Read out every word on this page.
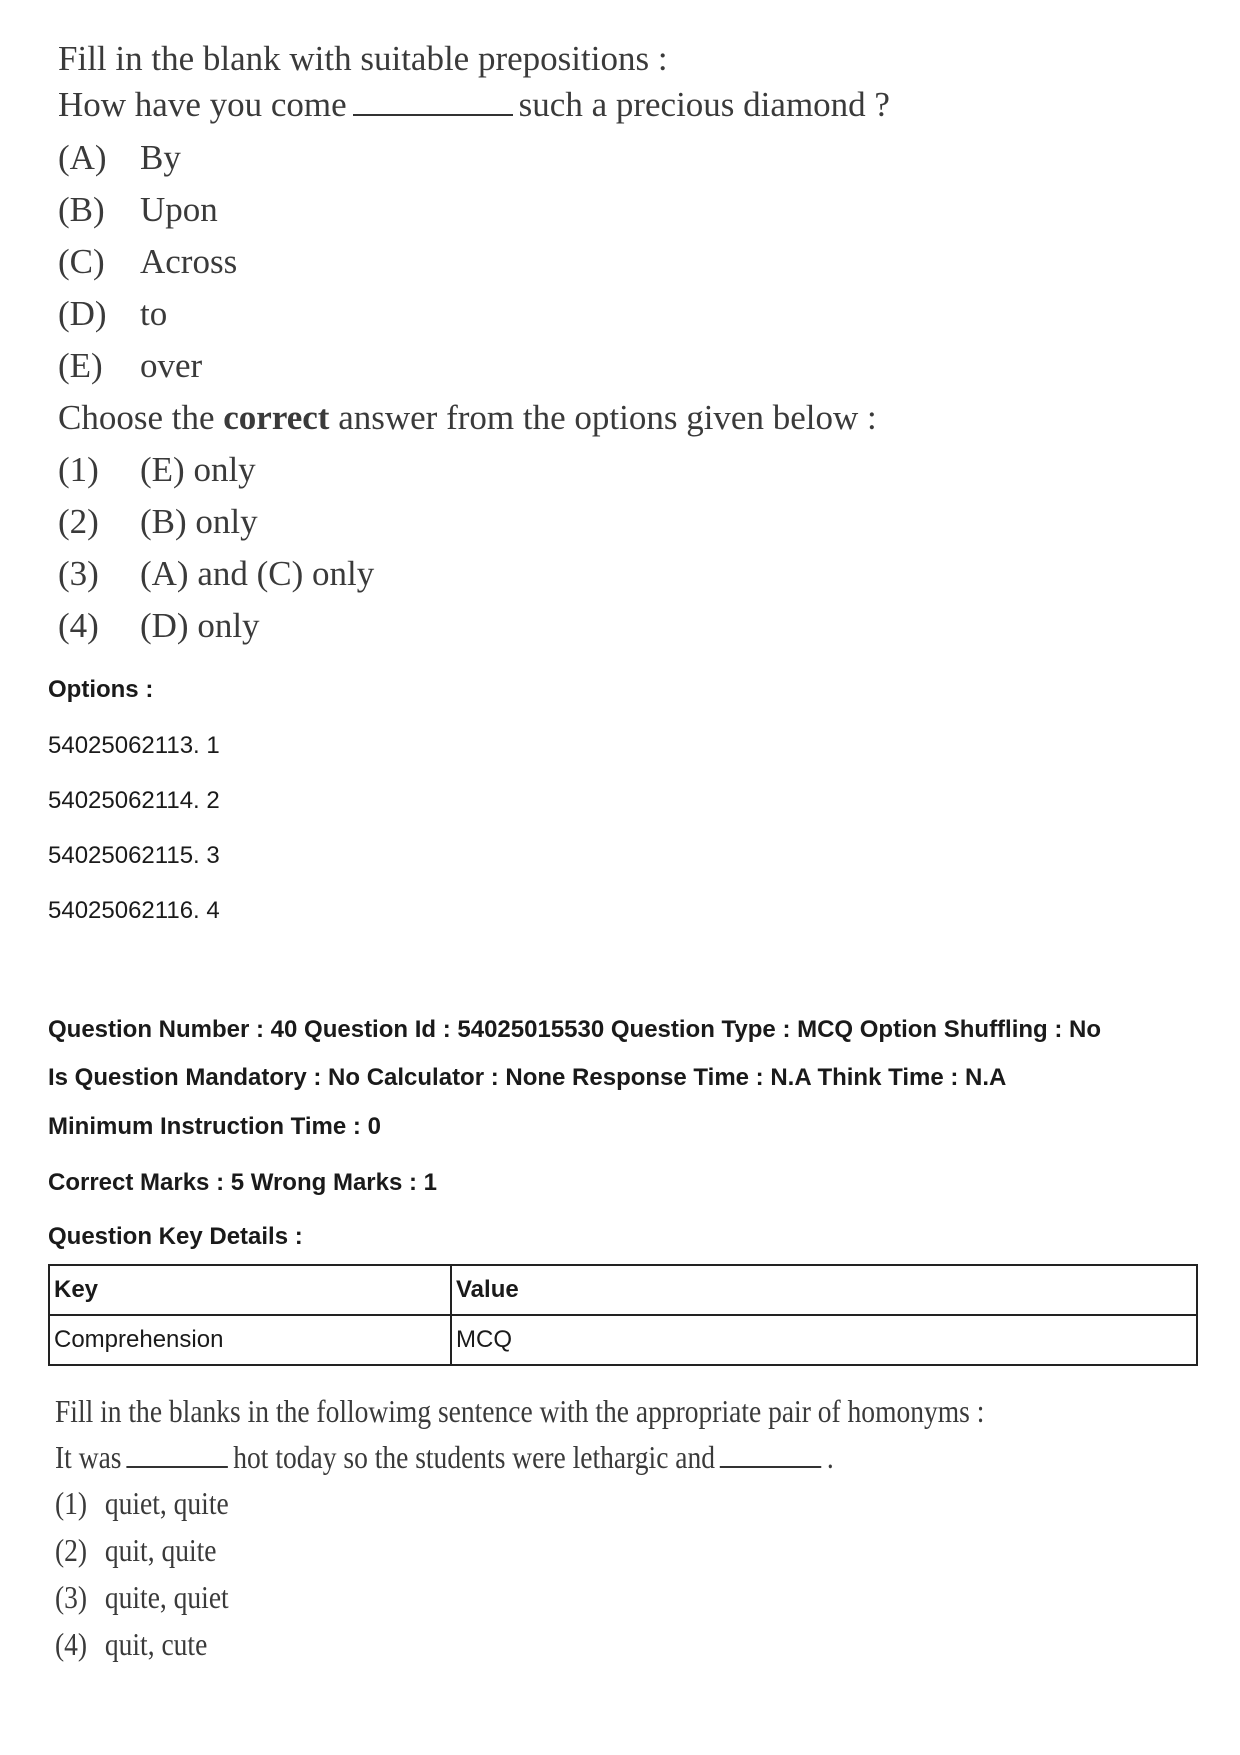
Fill in the blank with suitable prepositions :
How have you come	such a precious diamond ?
(A) By
(B)	Upon
(C)	Across
(D) to
(E)	over
Choose the correct answer from the options given below :
(1)	(E) only
(2)	(B) only
(3)	(A) and (C) only
(4)	(D) only
Options :
54025062113. 1
54025062114. 2
54025062115. 3
54025062116. 4
Question Number : 40 Question Id : 54025015530 Question Type : MCQ Option Shuffling : No
Is Question Mandatory : No Calculator : None Response Time : N.A Think Time : N.A
Minimum Instruction Time : 0
Correct Marks : 5 Wrong Marks : 1
Question Key Details :
Key	Value
Comprehension	MCQ
Fill in the blanks in the followimg sentence with the appropriate pair of homonyms :
It was	hot today so the students were lethargic and	.
(1) quiet, quite
(2) quit, quite
(3) quite, quiet
(4) quit, cute
